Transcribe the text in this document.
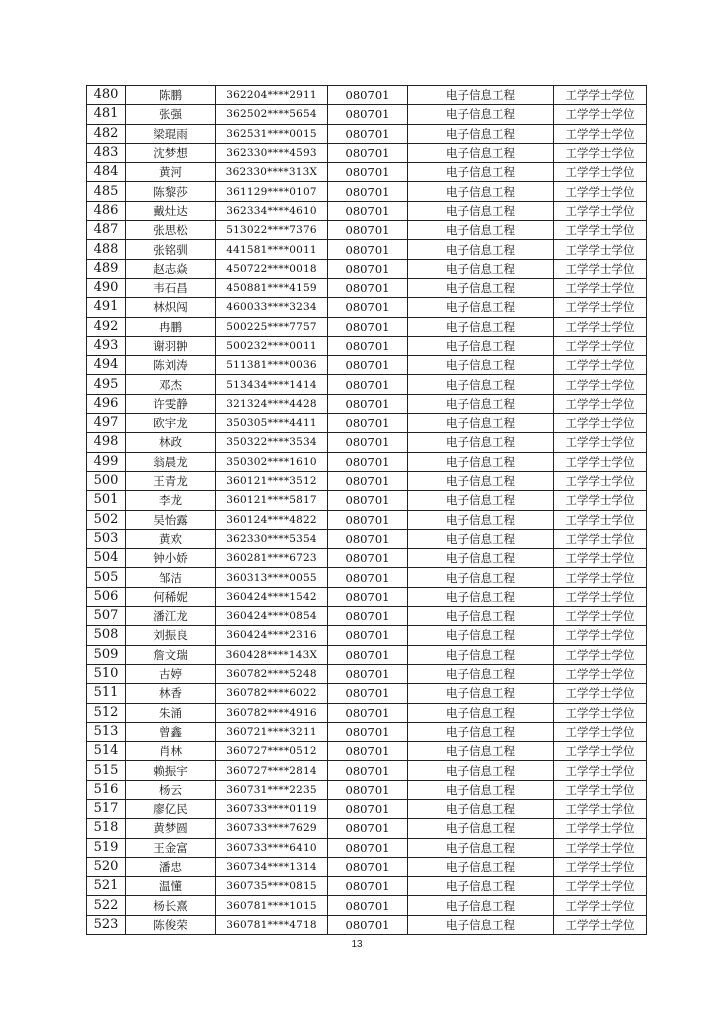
480	陈鹏	362204****2911	080701	电子信息工程	工学学士学位
481	张强	362502****5654	080701	电子信息工程	工学学士学位
482	梁琨雨	362531****0015	080701	电子信息工程	工学学士学位
483	沈梦想	362330****4593	080701	电子信息工程	工学学士学位
484	黄河	362330****313X	080701	电子信息工程	工学学士学位
485	陈黎莎	361129****0107	080701	电子信息工程	工学学士学位
486	戴灶达	362334****4610	080701	电子信息工程	工学学士学位
487	张思松	513022****7376	080701	电子信息工程	工学学士学位
488	张铭驯	441581****0011	080701	电子信息工程	工学学士学位
489	赵志焱	450722****0018	080701	电子信息工程	工学学士学位
490	韦石昌	450881****4159	080701	电子信息工程	工学学士学位
491	林炽闯	460033****3234	080701	电子信息工程	工学学士学位
492	冉鹏	500225****7757	080701	电子信息工程	工学学士学位
493	谢羽翀	500232****0011	080701	电子信息工程	工学学士学位
494	陈刘涛	511381****0036	080701	电子信息工程	工学学士学位
495	邓杰	513434****1414	080701	电子信息工程	工学学士学位
496	许雯静	321324****4428	080701	电子信息工程	工学学士学位
497	欧宇龙	350305****4411	080701	电子信息工程	工学学士学位
498	林政	350322****3534	080701	电子信息工程	工学学士学位
499	翁晨龙	350302****1610	080701	电子信息工程	工学学士学位
500	王青龙	360121****3512	080701	电子信息工程	工学学士学位
501	李龙	360121****5817	080701	电子信息工程	工学学士学位
502	吴怡露	360124****4822	080701	电子信息工程	工学学士学位
503	黄欢	362330****5354	080701	电子信息工程	工学学士学位
504	钟小娇	360281****6723	080701	电子信息工程	工学学士学位
505	邹洁	360313****0055	080701	电子信息工程	工学学士学位
506	何稀妮	360424****1542	080701	电子信息工程	工学学士学位
507	潘江龙	360424****0854	080701	电子信息工程	工学学士学位
508	刘振良	360424****2316	080701	电子信息工程	工学学士学位
509	詹文瑞	360428****143X	080701	电子信息工程	工学学士学位
510	古婷	360782****5248	080701	电子信息工程	工学学士学位
511	林香	360782****6022	080701	电子信息工程	工学学士学位
512	朱涌	360782****4916	080701	电子信息工程	工学学士学位
513	曾鑫	360721****3211	080701	电子信息工程	工学学士学位
514	肖林	360727****0512	080701	电子信息工程	工学学士学位
515	赖振宇	360727****2814	080701	电子信息工程	工学学士学位
516	杨云	360731****2235	080701	电子信息工程	工学学士学位
517	廖亿民	360733****0119	080701	电子信息工程	工学学士学位
518	黄梦圆	360733****7629	080701	电子信息工程	工学学士学位
519	王金富	360733****6410	080701	电子信息工程	工学学士学位
520	潘忠	360734****1314	080701	电子信息工程	工学学士学位
521	温懂	360735****0815	080701	电子信息工程	工学学士学位
522	杨长熹	360781****1015	080701	电子信息工程	工学学士学位
523	陈俊荣	360781****4718	080701	电子信息工程	工学学士学位
13
